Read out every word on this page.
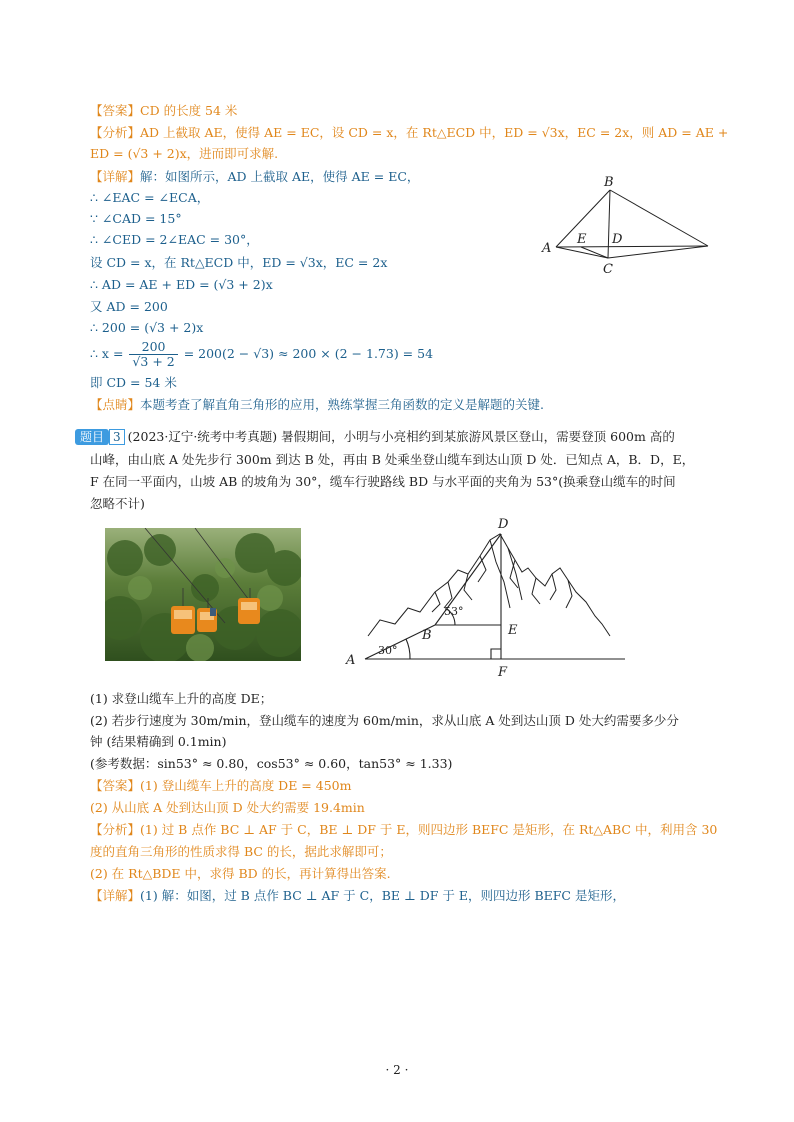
【答案】CD 的长度 54 米
【分析】AD 上截取 AE，使得 AE = EC，设 CD = x，在 Rt△ECD 中，ED = √3x，EC = 2x，则 AD = AE +
ED = (√3 + 2)x，进而即可求解.
【详解】解：如图所示，AD 上截取 AE，使得 AE = EC，
∴ ∠EAC = ∠ECA，
∵ ∠CAD = 15°
∴ ∠CED = 2∠EAC = 30°，
设 CD = x，在 Rt△ECD 中，ED = √3x，EC = 2x
∴ AD = AE + ED = (√3 + 2)x
又 AD = 200
∴ 200 = (√3 + 2)x
∴ $x = \frac{200}{√3 + 2} = 200(2 - √3) \approx 200 \times (2 - 1.73) = 54$
即 CD = 54 米
【点睛】本题考查了解直角三角形的应用，熟练掌握三角函数的定义是解题的关键.
B
A
E D
C
题目 3 (2023·辽宁·统考中考真题) 暑假期间，小明与小亮相约到某旅游风景区登山，需要登顶 600m 高的
山峰，由山底 A 处先步行 300m 到达 B 处，再由 B 处乘坐登山缆车到达山顶 D 处．已知点 A，B．D，E，
F 在同一平面内，山坡 AB 的坡角为 30°，缆车行驶路线 BD 与水平面的夹角为 53°(换乘登山缆车的时间
忽略不计)
D
E
F
A
B
53°
30°
(1) 求登山缆车上升的高度 DE；
(2) 若步行速度为 30m/min，登山缆车的速度为 60m/min，求从山底 A 处到达山顶 D 处大约需要多少分
钟 (结果精确到 0.1min)
(参考数据：sin53° ≈ 0.80，cos53° ≈ 0.60，tan53° ≈ 1.33)
【答案】(1) 登山缆车上升的高度 DE = 450m
(2) 从山底 A 处到达山顶 D 处大约需要 19.4min
【分析】(1) 过 B 点作 BC ⊥ AF 于 C，BE ⊥ DF 于 E，则四边形 BEFC 是矩形，在 Rt△ABC 中，利用含 30
度的直角三角形的性质求得 BC 的长，据此求解即可；
(2) 在 Rt△BDE 中，求得 BD 的长，再计算得出答案.
【详解】(1) 解：如图，过 B 点作 BC ⊥ AF 于 C，BE ⊥ DF 于 E，则四边形 BEFC 是矩形，
· 2 ·
